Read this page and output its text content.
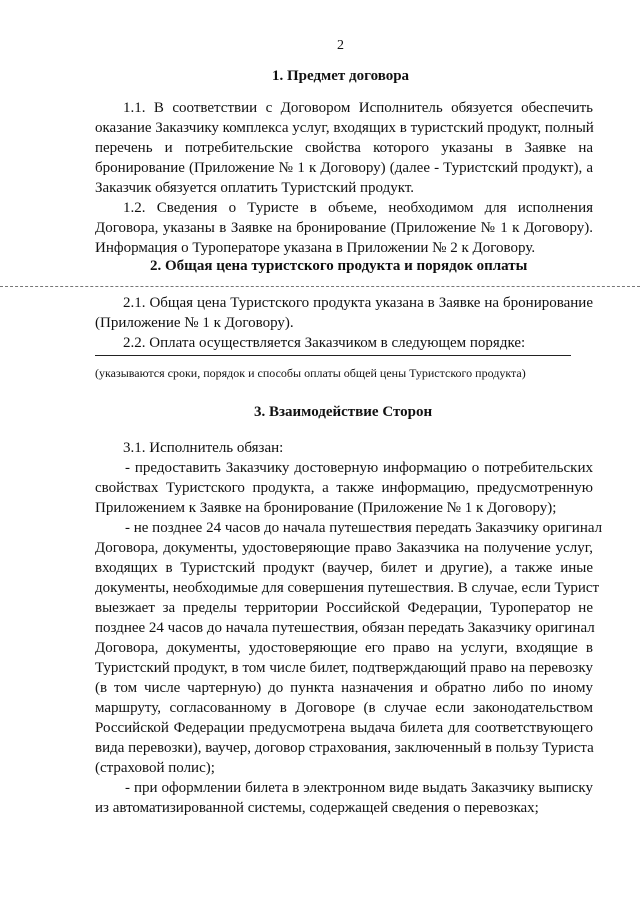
2
1. Предмет договора
1.1. В соответствии с Договором Исполнитель обязуется обеспечить
оказание Заказчику комплекса услуг, входящих в туристский продукт, полный
перечень и потребительские свойства которого указаны в Заявке на
бронирование (Приложение № 1 к Договору) (далее - Туристский продукт), а
Заказчик обязуется оплатить Туристский продукт.
1.2. Сведения о Туристе в объеме, необходимом для исполнения
Договора, указаны в Заявке на бронирование (Приложение № 1 к Договору).
Информация о Туроператоре указана в Приложении № 2 к Договору.
2. Общая цена туристского продукта и порядок оплаты
2.1. Общая цена Туристского продукта указана в Заявке на бронирование
(Приложение № 1 к Договору).
2.2. Оплата осуществляется Заказчиком в следующем порядке:
(указываются сроки, порядок и способы оплаты общей цены Туристского продукта)
3. Взаимодействие Сторон
3.1. Исполнитель обязан:
- предоставить Заказчику достоверную информацию о потребительских
свойствах Туристского продукта, а также информацию, предусмотренную
Приложением к Заявке на бронирование (Приложение № 1 к Договору);
- не позднее 24 часов до начала путешествия передать Заказчику оригинал
Договора, документы, удостоверяющие право Заказчика на получение услуг,
входящих в Туристский продукт (ваучер, билет и другие), а также иные
документы, необходимые для совершения путешествия. В случае, если Турист
выезжает за пределы территории Российской Федерации, Туроператор не
позднее 24 часов до начала путешествия, обязан передать Заказчику оригинал
Договора, документы, удостоверяющие его право на услуги, входящие в
Туристский продукт, в том числе билет, подтверждающий право на перевозку
(в том числе чартерную) до пункта назначения и обратно либо по иному
маршруту, согласованному в Договоре (в случае если законодательством
Российской Федерации предусмотрена выдача билета для соответствующего
вида перевозки), ваучер, договор страхования, заключенный в пользу Туриста
(страховой полис);
- при оформлении билета в электронном виде выдать Заказчику выписку
из автоматизированной системы, содержащей сведения о перевозках;
